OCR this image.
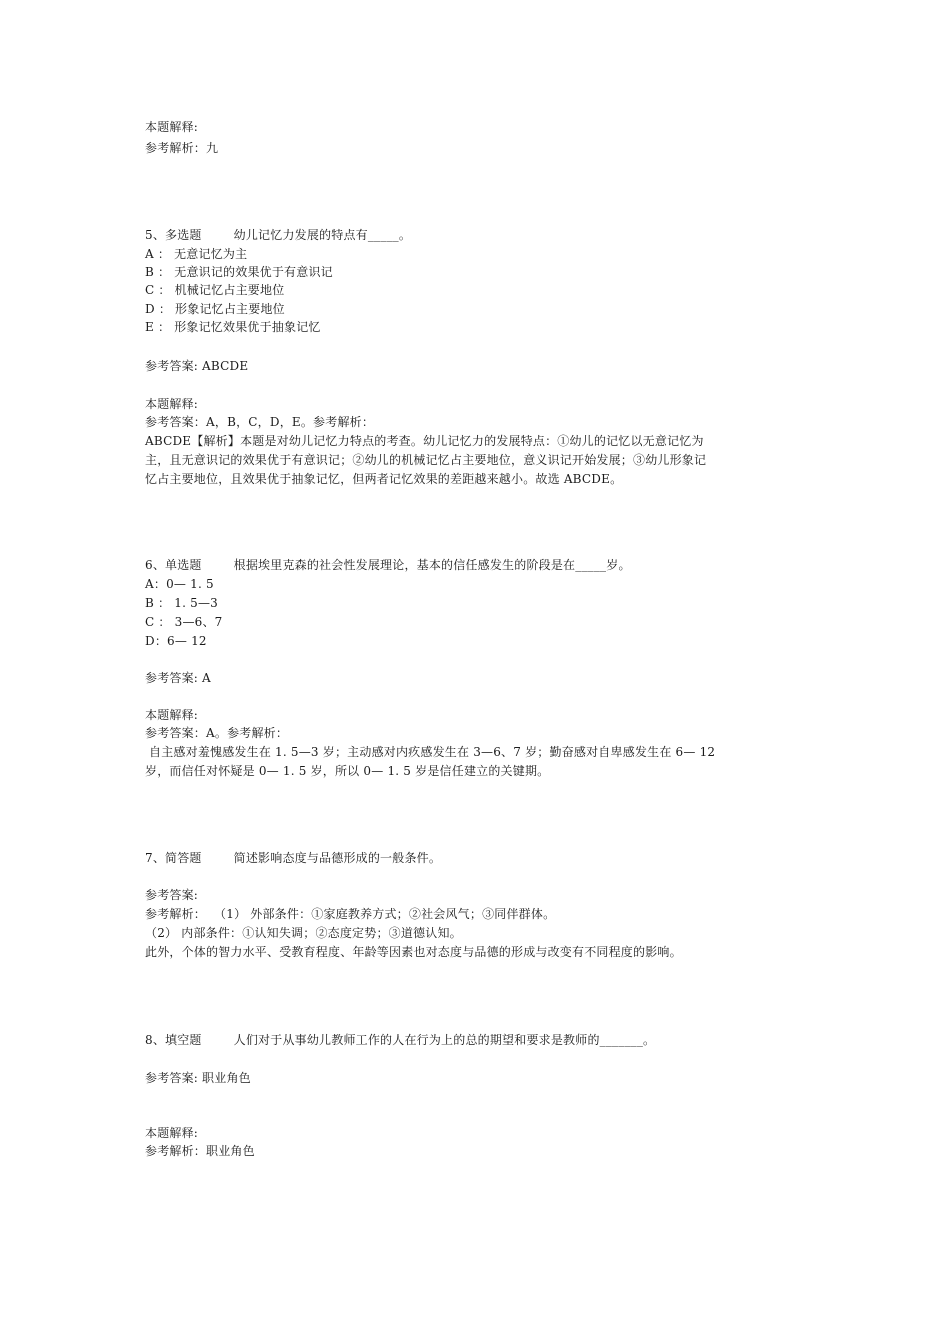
本题解释:
参考解析：九
5、多选题	幼儿记忆力发展的特点有_____。
A ： 无意记忆为主
B ： 无意识记的效果优于有意识记
C ： 机械记忆占主要地位
D ： 形象记忆占主要地位
E ： 形象记忆效果优于抽象记忆
参考答案: ABCDE
本题解释:
参考答案：A，B，C，D，E。参考解析：
ABCDE【解析】本题是对幼儿记忆力特点的考查。幼儿记忆力的发展特点：①幼儿的记忆以无意记忆为
主，且无意识记的效果优于有意识记；②幼儿的机械记忆占主要地位，意义识记开始发展；③幼儿形象记
忆占主要地位，且效果优于抽象记忆，但两者记忆效果的差距越来越小。故选 ABCDE。
6、单选题	根据埃里克森的社会性发展理论，基本的信任感发生的阶段是在_____岁。
A：0— 1. 5
B ： 1. 5—3
C ： 3—6、7
D：6— 12
参考答案: A
本题解释:
参考答案：A。参考解析：
自主感对羞愧感发生在 1. 5—3 岁；主动感对内疚感发生在 3—6、7 岁；勤奋感对自卑感发生在 6— 12
岁，而信任对怀疑是 0— 1. 5 岁，所以 0— 1. 5 岁是信任建立的关键期。
7、简答题	简述影响态度与品德形成的一般条件。
参考答案:
参考解析：  （1） 外部条件：①家庭教养方式；②社会风气；③同伴群体。
（2） 内部条件：①认知失调；②态度定势；③道德认知。
此外，个体的智力水平、受教育程度、年龄等因素也对态度与品德的形成与改变有不同程度的影响。
8、填空题	人们对于从事幼儿教师工作的人在行为上的总的期望和要求是教师的_______。
参考答案: 职业角色
本题解释:
参考解析：职业角色
